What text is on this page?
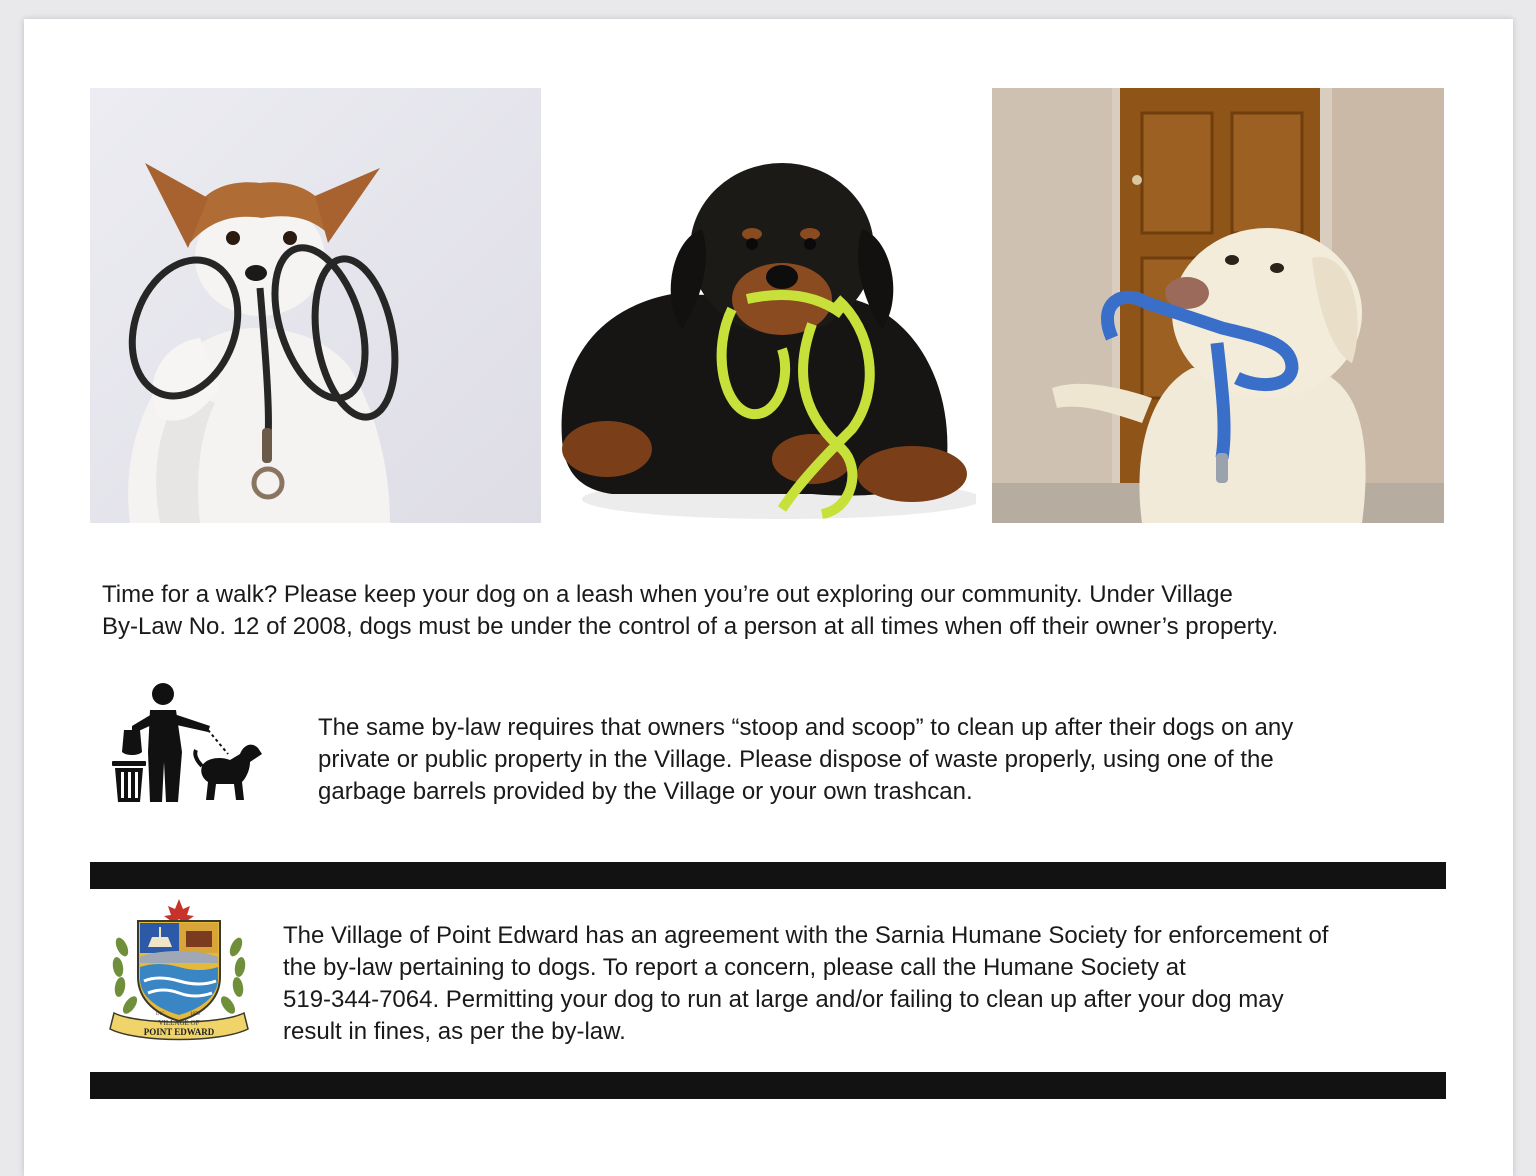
Time for a walk? Please keep your dog on a leash when you’re out exploring our community. Under Village
By-Law No. 12 of 2008, dogs must be under the control of a person at all times when off their owner’s property.

The same by-law requires that owners “stoop and scoop” to clean up after their dogs on any
private or public property in the Village. Please dispose of waste properly, using one of the
garbage barrels provided by the Village or your own trashcan.

INC.	1878
VILLAGE OF
POINT EDWARD

The Village of Point Edward has an agreement with the Sarnia Humane Society for enforcement of
the by-law pertaining to dogs. To report a concern, please call the Humane Society at
519-344-7064. Permitting your dog to run at large and/or failing to clean up after your dog may
result in fines, as per the by-law.
